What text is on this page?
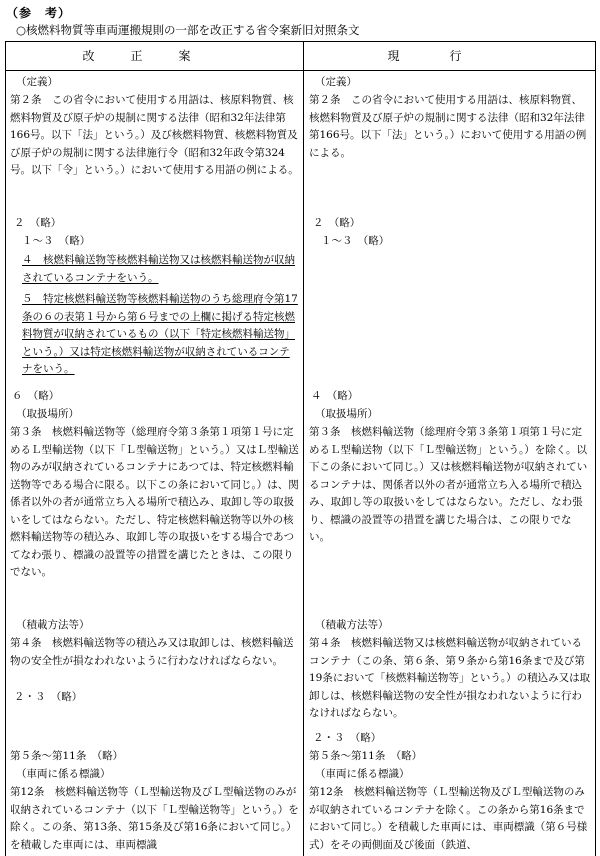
（参　考）
○核燃料物質等車両運搬規則の一部を改正する省令案新旧対照条文
改正案	現行
（定義）
第２条　この省令において使用する用語は、核原料物質、核燃料物質及び原子炉の規制に関する法律（昭和32年法律第166号。以下「法」という。）及び核燃料物質、核燃料物質及び原子炉の規制に関する法律施行令（昭和32年政令第324号。以下「令」という。）において使用する用語の例による。
２　（略）
１～３　（略）
４　核燃料輸送物等核燃料輸送物又は核燃料輸送物が収納されているコンテナをいう。
５　特定核燃料輸送物等核燃料輸送物のうち総理府令第17条の６の表第１号から第６号までの上欄に掲げる特定核燃料物質が収納されているもの（以下「特定核燃料輸送物」という。）又は特定核燃料輸送物が収納されているコンテナをいう。
６　（略）
（取扱場所）
第３条　核燃料輸送物等（総理府令第３条第１項第１号に定めるＬ型輸送物（以下「Ｌ型輸送物」という。）又はＬ型輸送物のみが収納されているコンテナにあつては、特定核燃料輸送物等である場合に限る。以下この条において同じ。）は、関係者以外の者が通常立ち入る場所で積込み、取卸し等の取扱いをしてはならない。ただし、特定核燃料輸送物等以外の核燃料輸送物等の積込み、取卸し等の取扱いをする場合であつてなわ張り、標識の設置等の措置を講じたときは、この限りでない。
（積載方法等）
第４条　核燃料輸送物等の積込み又は取卸しは、核燃料輸送物の安全性が損なわれないように行わなければならない。
２・３　（略）
第５条～第11条　（略）
（車両に係る標識）
第12条　核燃料輸送物等（Ｌ型輸送物及びＬ型輸送物のみが収納されているコンテナ（以下「Ｌ型輸送物等」という。）を除く。この条、第13条、第15条及び第16条において同じ。）を積載した車両には、車両標識
（定義）
第２条　この省令において使用する用語は、核原料物質、核燃料物質及び原子炉の規制に関する法律（昭和32年法律第166号。以下「法」という。）において使用する用語の例による。
２　（略）
１～３　（略）
４　（略）
（取扱場所）
第３条　核燃料輸送物（総理府令第３条第１項第１号に定めるＬ型輸送物（以下「Ｌ型輸送物」という。）を除く。以下この条において同じ。）又は核燃料輸送物が収納されているコンテナは、関係者以外の者が通常立ち入る場所で積込み、取卸し等の取扱いをしてはならない。ただし、なわ張り、標識の設置等の措置を講じた場合は、この限りでない。
（積載方法等）
第４条　核燃料輸送物又は核燃料輸送物が収納されているコンテナ（この条、第６条、第９条から第16条まで及び第19条において「核燃料輸送物等」という。）の積込み又は取卸しは、核燃料輸送物の安全性が損なわれないように行わなければならない。
２・３　（略）
第５条～第11条　（略）
（車両に係る標識）
第12条　核燃料輸送物等（Ｌ型輸送物及びＬ型輸送物のみが収納されているコンテナを除く。この条から第16条までにおいて同じ。）を積載した車両には、車両標識（第６号様式）をその両側面及び後面（鉄道、
